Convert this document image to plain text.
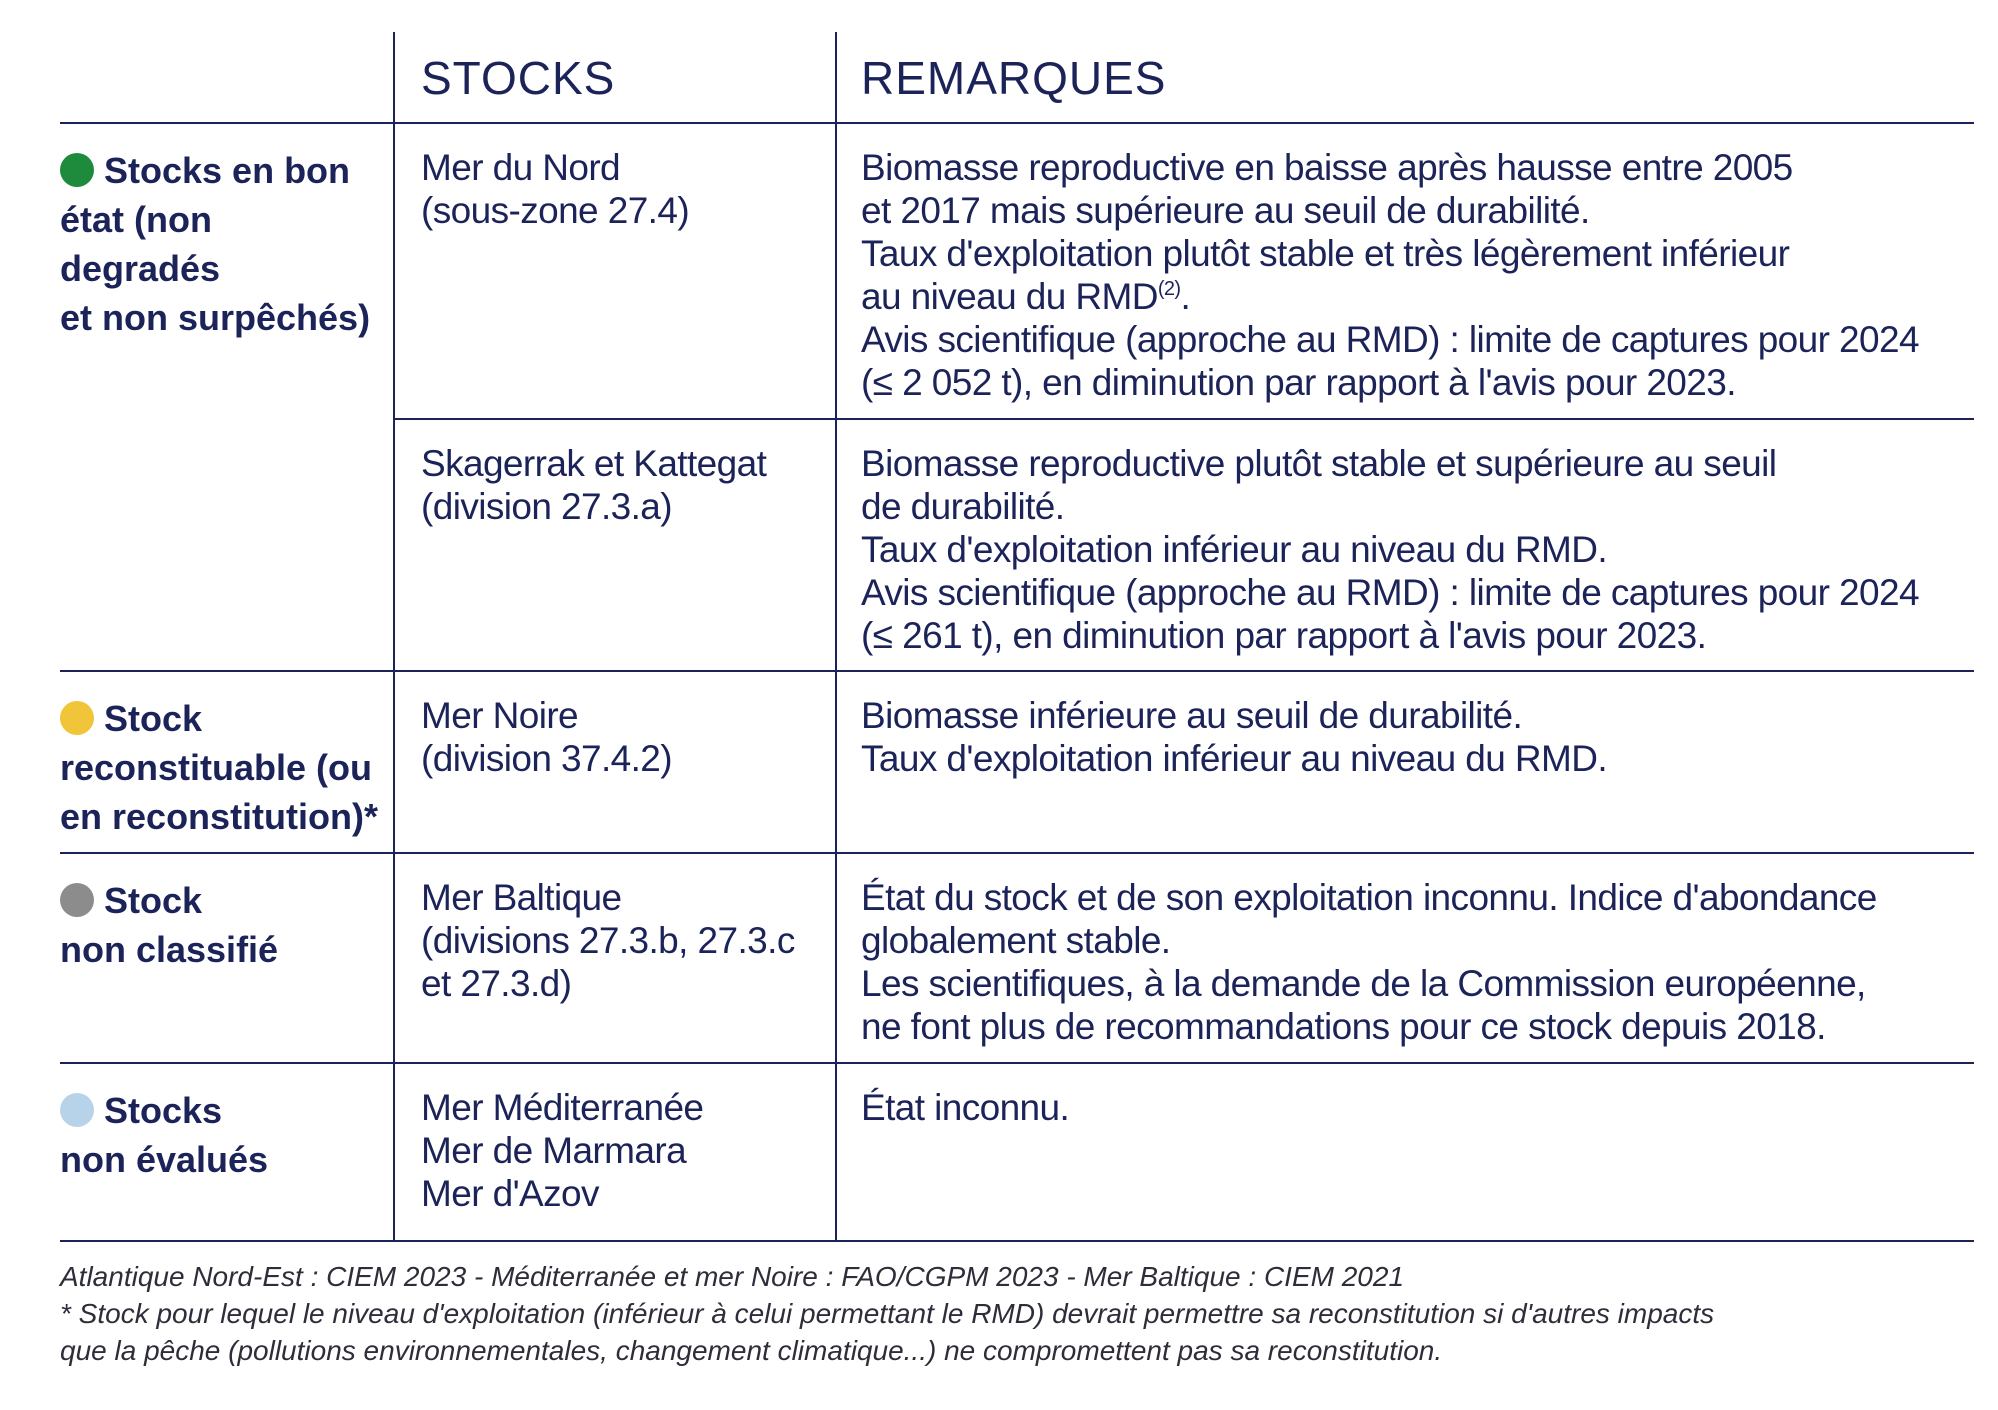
STOCKS	REMARQUES
Stocks en bon
état (non degradés
et non surpêchés)
Mer du Nord
(sous-zone 27.4)
Biomasse reproductive en baisse après hausse entre 2005
et 2017 mais supérieure au seuil de durabilité.
Taux d'exploitation plutôt stable et très légèrement inférieur
au niveau du RMD$^{(2)}$.
Avis scientifique (approche au RMD) : limite de captures pour 2024
(≤ 2 052 t), en diminution par rapport à l'avis pour 2023.
Skagerrak et Kattegat
(division 27.3.a)
Biomasse reproductive plutôt stable et supérieure au seuil
de durabilité.
Taux d'exploitation inférieur au niveau du RMD.
Avis scientifique (approche au RMD) : limite de captures pour 2024
(≤ 261 t), en diminution par rapport à l'avis pour 2023.
Stock
reconstituable (ou
en reconstitution)*
Mer Noire
(division 37.4.2)
Biomasse inférieure au seuil de durabilité.
Taux d'exploitation inférieur au niveau du RMD.
Stock
non classifié
Mer Baltique
(divisions 27.3.b, 27.3.c
et 27.3.d)
État du stock et de son exploitation inconnu. Indice d'abondance
globalement stable.
Les scientifiques, à la demande de la Commission européenne,
ne font plus de recommandations pour ce stock depuis 2018.
Stocks
non évalués
Mer Méditerranée
Mer de Marmara
Mer d'Azov
État inconnu.
Atlantique Nord-Est : CIEM 2023 - Méditerranée et mer Noire : FAO/CGPM 2023 - Mer Baltique : CIEM 2021
* Stock pour lequel le niveau d'exploitation (inférieur à celui permettant le RMD) devrait permettre sa reconstitution si d'autres impacts
que la pêche (pollutions environnementales, changement climatique...) ne compromettent pas sa reconstitution.
